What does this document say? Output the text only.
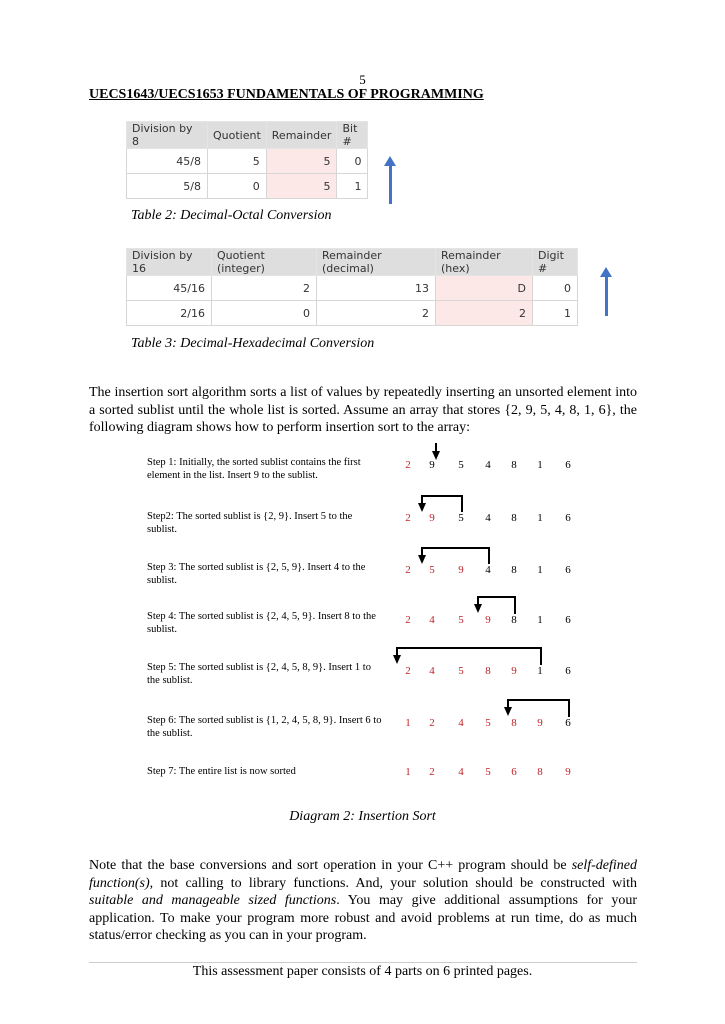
5
UECS1643/UECS1653 FUNDAMENTALS OF PROGRAMMING
Division by 8	Quotient	Remainder	Bit #
45/8	5	5	0
5/8	0	5	1
Table 2: Decimal-Octal Conversion
Division by 16	Quotient (integer)	Remainder (decimal)	Remainder (hex)	Digit #
45/16	2	13	D	0
2/16	0	2	2	1
Table 3: Decimal-Hexadecimal Conversion
The insertion sort algorithm sorts a list of values by repeatedly inserting an unsorted element into a sorted sublist until the whole list is sorted. Assume an array that stores {2, 9, 5, 4, 8, 1, 6}, the following diagram shows how to perform insertion sort to the array:
Step 1: Initially, the sorted sublist contains the first element in the list. Insert 9 to the sublist.
2 9 5 4 8 1 6
Step2: The sorted sublist is {2, 9}. Insert 5 to the sublist.
2 9 5 4 8 1 6
Step 3: The sorted sublist is {2, 5, 9}. Insert 4 to the sublist.
2 5 9 4 8 1 6
Step 4: The sorted sublist is {2, 4, 5, 9}. Insert 8 to the sublist.
2 4 5 9 8 1 6
Step 5: The sorted sublist is {2, 4, 5, 8, 9}. Insert 1 to the sublist.
2 4 5 8 9 1 6
Step 6: The sorted sublist is {1, 2, 4, 5, 8, 9}. Insert 6 to the sublist.
1 2 4 5 8 9 6
Step 7: The entire list is now sorted	1 2 4 5 6 8 9
Diagram 2: Insertion Sort
Note that the base conversions and sort operation in your C++ program should be self-defined function(s), not calling to library functions. And, your solution should be constructed with suitable and manageable sized functions. You may give additional assumptions for your application. To make your program more robust and avoid problems at run time, do as much status/error checking as you can in your program.
This assessment paper consists of 4 parts on 6 printed pages.
